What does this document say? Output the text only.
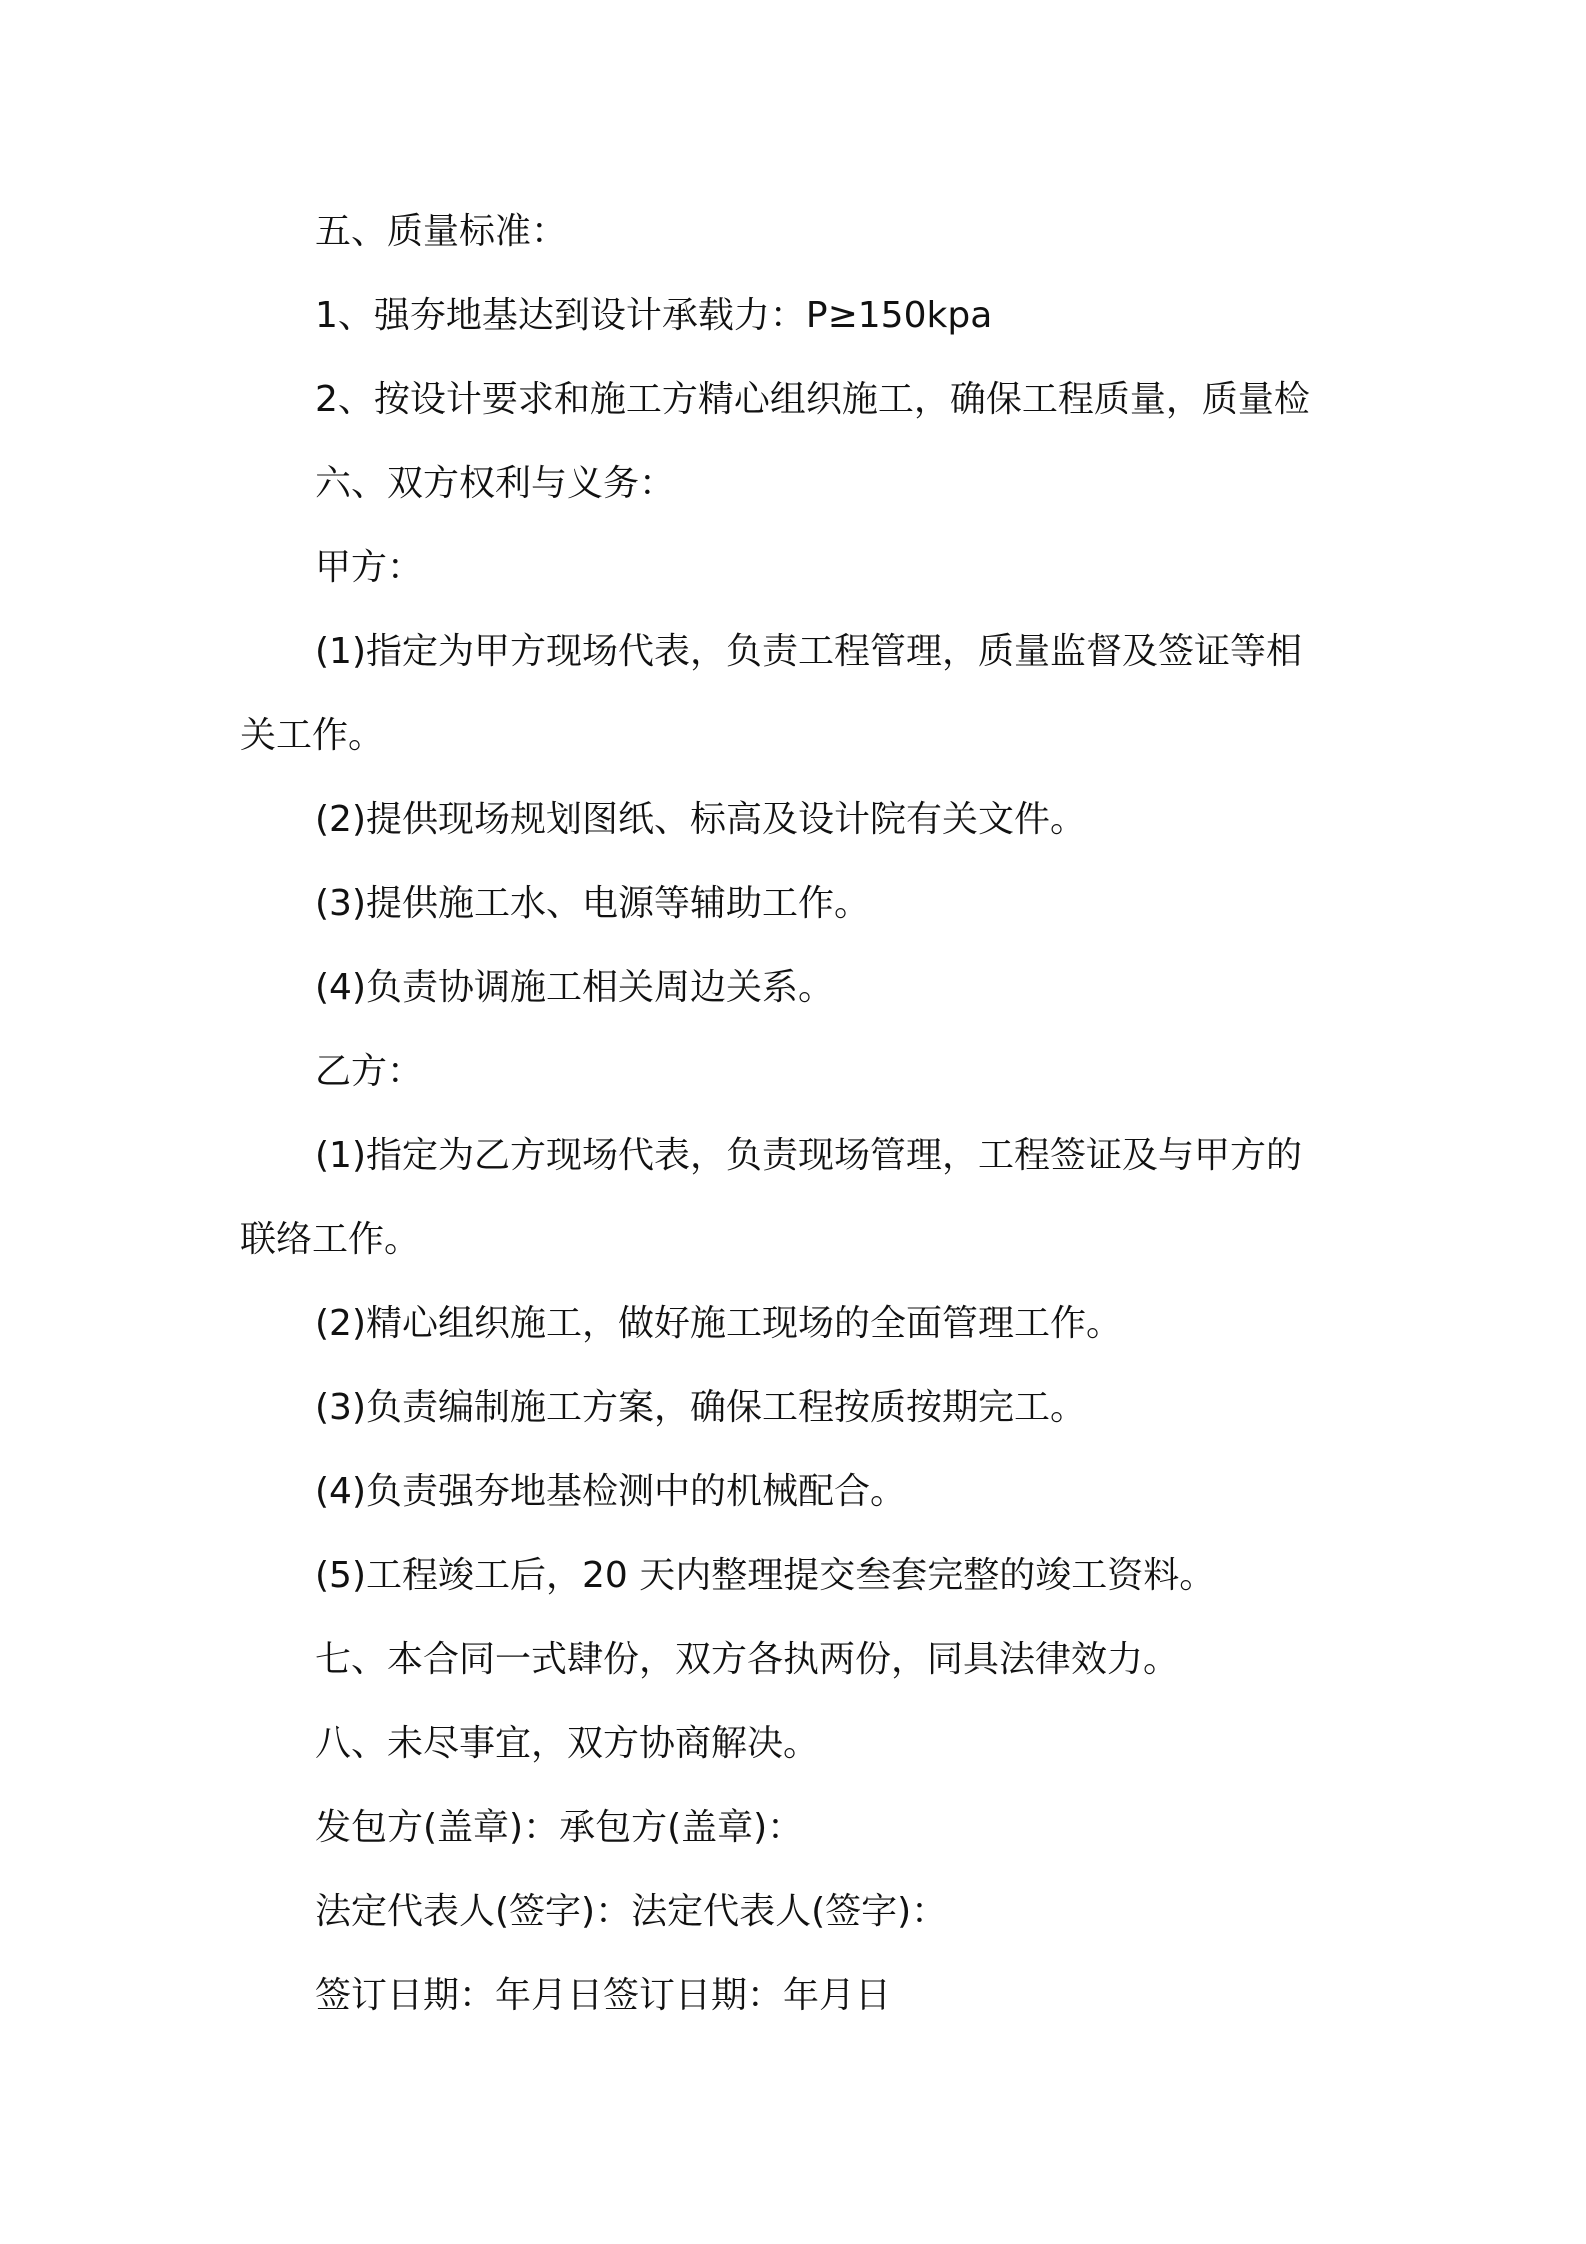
五、质量标准：
1、强夯地基达到设计承载力：P≥150kpa
2、按设计要求和施工方精心组织施工，确保工程质量，质量检
六、双方权利与义务：
甲方：
(1)指定为甲方现场代表，负责工程管理，质量监督及签证等相
关工作。
(2)提供现场规划图纸、标高及设计院有关文件。
(3)提供施工水、电源等辅助工作。
(4)负责协调施工相关周边关系。
乙方：
(1)指定为乙方现场代表，负责现场管理，工程签证及与甲方的
联络工作。
(2)精心组织施工，做好施工现场的全面管理工作。
(3)负责编制施工方案，确保工程按质按期完工。
(4)负责强夯地基检测中的机械配合。
(5)工程竣工后，20 天内整理提交叁套完整的竣工资料。
七、本合同一式肆份，双方各执两份，同具法律效力。
八、未尽事宜，双方协商解决。
发包方(盖章)：承包方(盖章)：
法定代表人(签字)：法定代表人(签字)：
签订日期：年月日签订日期：年月日
